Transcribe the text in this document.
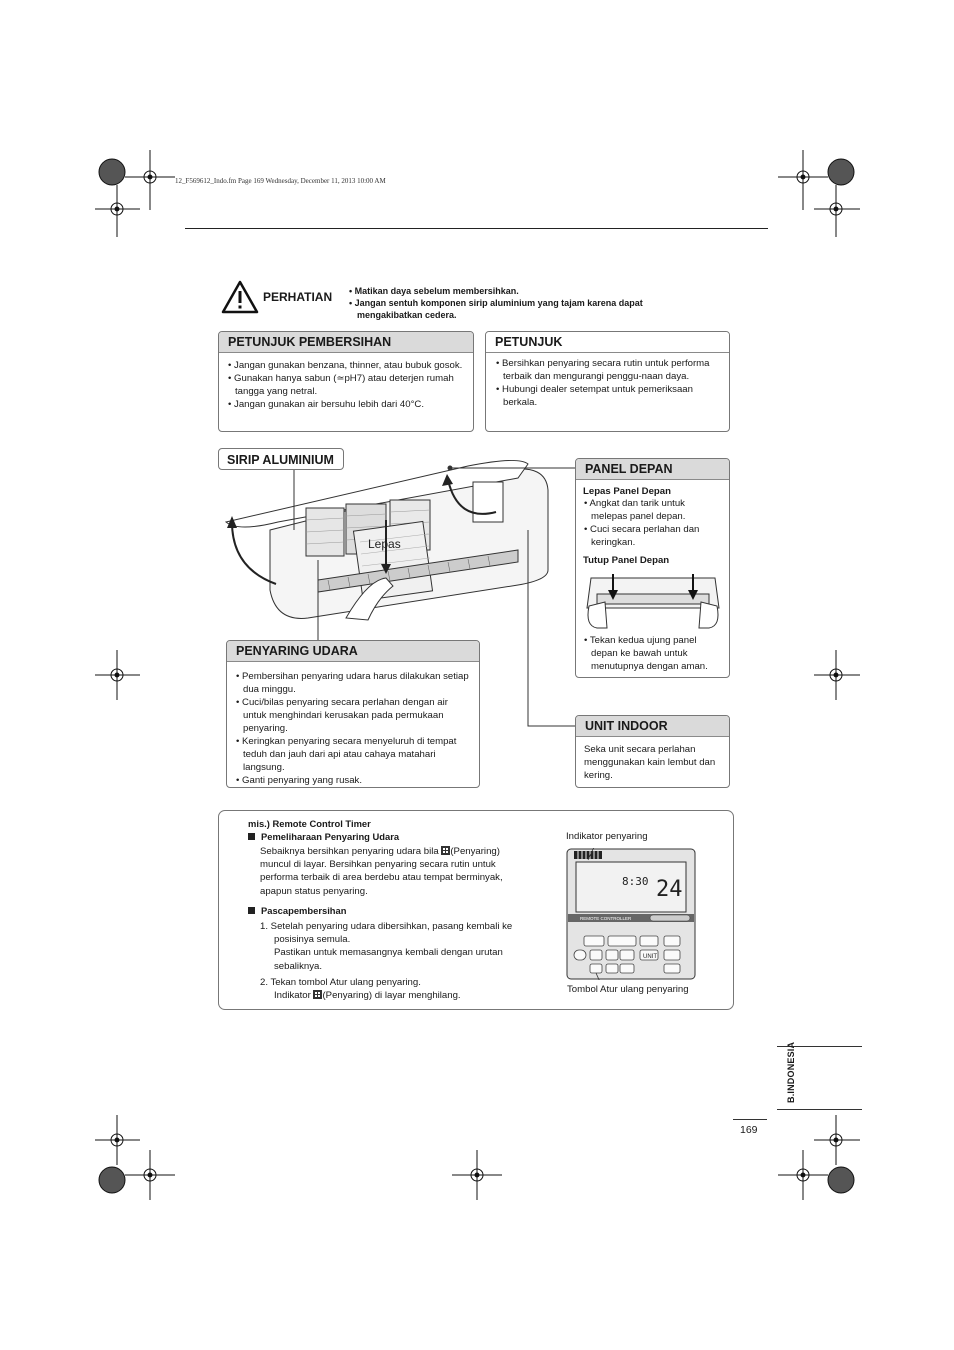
12_F569612_Indo.fm Page 169 Wednesday, December 11, 2013 10:00 AM
PERHATIAN • Matikan daya sebelum membersihkan.
• Jangan sentuh komponen sirip aluminium yang tajam karena dapat mengakibatkan cedera.
PETUNJUK PEMBERSIHAN
• Jangan gunakan benzana, thinner, atau bubuk gosok.
• Gunakan hanya sabun (≃pH7) atau deterjen rumah tangga yang netral.
• Jangan gunakan air bersuhu lebih dari 40°C.
PETUNJUK
• Bersihkan penyaring secara rutin untuk performa terbaik dan mengurangi penggu-naan daya.
• Hubungi dealer setempat untuk pemeriksaan berkala.
Lepas
SIRIP ALUMINIUM
PANEL DEPAN
Lepas Panel Depan
• Angkat dan tarik untuk melepas panel depan.
• Cuci secara perlahan dan keringkan.
Tutup Panel Depan
• Tekan kedua ujung panel depan ke bawah untuk menutupnya dengan aman.
PENYARING UDARA
• Pembersihan penyaring udara harus dilakukan setiap dua minggu.
• Cuci/bilas penyaring secara perlahan dengan air untuk menghindari kerusakan pada permukaan penyaring.
• Keringkan penyaring secara menyeluruh di tempat teduh dan jauh dari api atau cahaya matahari langsung.
• Ganti penyaring yang rusak.
UNIT INDOOR

Seka unit secara perlahan menggunakan kain lembut dan kering.

mis.) Remote Control Timer
Pemeliharaan Penyaring Udara
Sebaiknya bersihkan penyaring udara bila (Penyaring) muncul di layar. Bersihkan penyaring secara rutin untuk performa terbaik di area berdebu atau tempat berminyak, apapun status penyaring.
Pascapembersihan
1. Setelah penyaring udara dibersihkan, pasang kembali ke posisinya semula.
Pastikan untuk memasangnya kembali dengan urutan sebaliknya.
2. Tekan tombol Atur ulang penyaring.
Indikator (Penyaring) di layar menghilang.
Indikator penyaring
Tombol Atur ulang penyaring
8:30 24
REMOTE CONTROLLER
UNIT
B.INDONESIA
169
